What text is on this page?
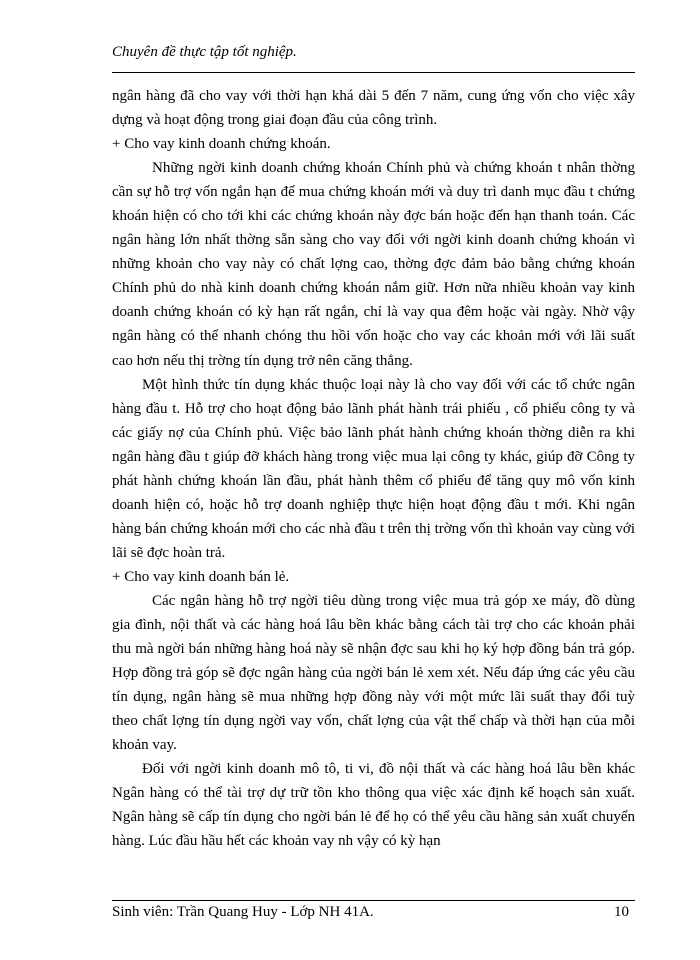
Chuyên đề thực tập tốt nghiệp.

ngân hàng đã cho vay với thời hạn khá dài 5 đến 7 năm, cung ứng vốn cho việc xây dựng và hoạt động trong giai đoạn đầu của công trình.

+ Cho vay kinh doanh chứng khoán.

Những ngời kinh doanh chứng khoán Chính phủ và chứng khoán t nhân thờng cần sự hỗ trợ vốn ngắn hạn để mua chứng khoán mới và duy trì danh mục đầu t chứng khoán hiện có cho tới khi các chứng khoán này đợc bán hoặc đến hạn thanh toán. Các ngân hàng lớn nhất thờng sẵn sàng cho vay đối với ngời kinh doanh chứng khoán vì những khoản cho vay này có chất lợng cao, thờng đợc đảm bảo bằng chứng khoán Chính phủ do nhà kinh doanh chứng khoán nắm giữ. Hơn nữa nhiều khoản vay kinh doanh chứng khoán có kỳ hạn rất ngắn, chỉ là vay qua đêm hoặc vài ngày. Nhờ vậy ngân hàng có thể nhanh chóng thu hồi vốn hoặc cho vay các khoản mới với lãi suất cao hơn nếu thị trờng tín dụng trở nên căng thẳng.

Một hình thức tín dụng khác thuộc loại này là cho vay đối với các tổ chức ngân hàng đầu t. Hỗ trợ cho hoạt động bảo lãnh phát hành trái phiếu , cổ phiếu công ty và các giấy nợ của Chính phủ. Việc bảo lãnh phát hành chứng khoán thờng diễn ra khi ngân hàng đầu t giúp đỡ khách hàng trong việc mua lại công ty khác, giúp đỡ Công ty phát hành chứng khoán lần đầu, phát hành thêm cổ phiếu để tăng quy mô vốn kinh doanh hiện có, hoặc hỗ trợ doanh nghiệp thực hiện hoạt động đầu t mới. Khi ngân hàng bán chứng khoán mới cho các nhà đầu t trên thị trờng vốn thì khoản vay cùng với lãi sẽ đợc hoàn trả.

+ Cho vay kinh doanh bán lẻ.

Các ngân hàng hỗ trợ ngời tiêu dùng trong việc mua trả góp xe máy, đồ dùng gia đình, nội thất và các hàng hoá lâu bền khác bằng cách tài trợ cho các khoản phải thu mà ngời bán những hàng hoá này sẽ nhận đợc sau khi họ ký hợp đồng bán trả góp. Hợp đồng trả góp sẽ đợc ngân hàng của ngời bán lẻ xem xét. Nếu đáp ứng các yêu cầu tín dụng, ngân hàng sẽ mua những hợp đồng này với một mức lãi suất thay đổi tuỳ theo chất lợng tín dụng ngời vay vốn, chất lợng của vật thế chấp và thời hạn của mỗi khoản vay.

Đối với ngời kinh doanh mô tô, ti vi, đồ nội thất và các hàng hoá lâu bền khác Ngân hàng có thể tài trợ dự trữ tồn kho thông qua việc xác định kế hoạch sản xuất. Ngân hàng sẽ cấp tín dụng cho ngời bán lẻ để họ có thể yêu cầu hãng sản xuất chuyển hàng. Lúc đầu hầu hết các khoản vay nh vậy có kỳ hạn

Sinh viên: Trần Quang Huy - Lớp NH 41A.	10
